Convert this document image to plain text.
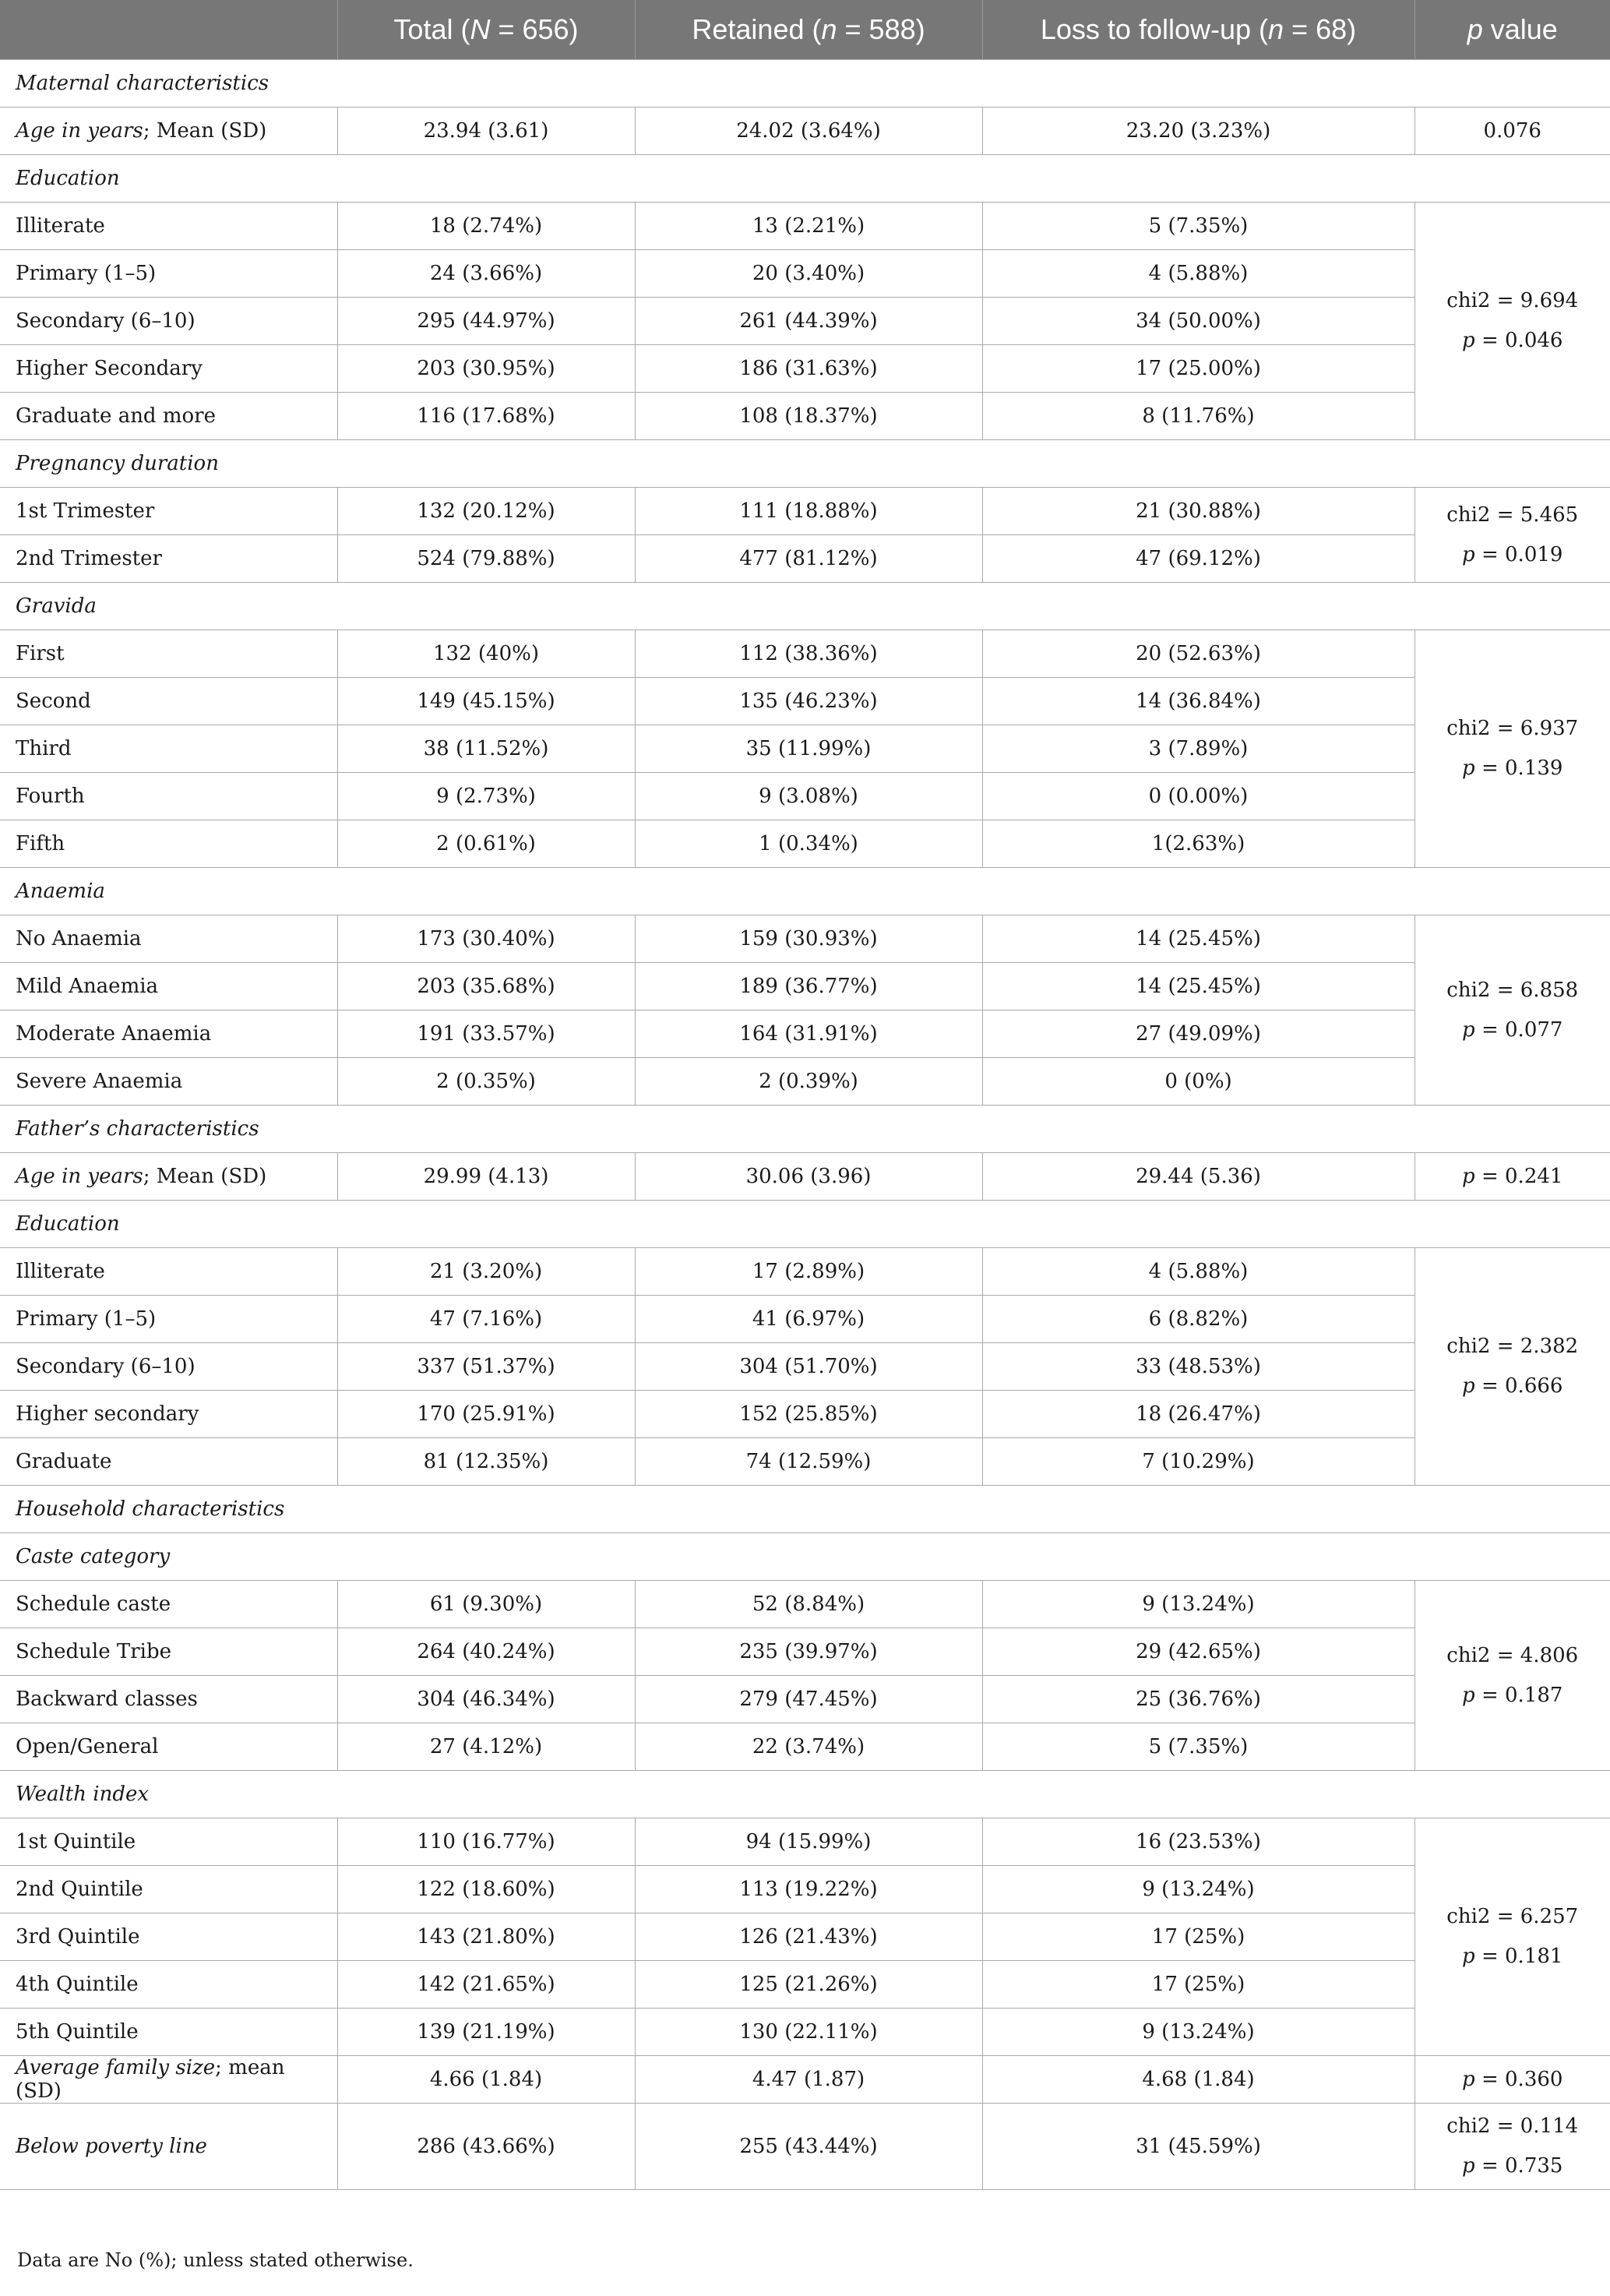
	Total (N = 656)	Retained (n = 588)	Loss to follow-up (n = 68)	p value
Maternal characteristics				
Age in years; Mean (SD)	23.94 (3.61)	24.02 (3.64%)	23.20 (3.23%)	0.076
Education				
Illiterate	18 (2.74%)	13 (2.21%)	5 (7.35%)	chi2 = 9.694
p = 0.046
Primary (1–5)	24 (3.66%)	20 (3.40%)	4 (5.88%)	
Secondary (6–10)	295 (44.97%)	261 (44.39%)	34 (50.00%)	
Higher Secondary	203 (30.95%)	186 (31.63%)	17 (25.00%)	
Graduate and more	116 (17.68%)	108 (18.37%)	8 (11.76%)	
Pregnancy duration				
1st Trimester	132 (20.12%)	111 (18.88%)	21 (30.88%)	chi2 = 5.465
p = 0.019
2nd Trimester	524 (79.88%)	477 (81.12%)	47 (69.12%)	
Gravida				
First	132 (40%)	112 (38.36%)	20 (52.63%)	chi2 = 6.937
p = 0.139
Second	149 (45.15%)	135 (46.23%)	14 (36.84%)	
Third	38 (11.52%)	35 (11.99%)	3 (7.89%)	
Fourth	9 (2.73%)	9 (3.08%)	0 (0.00%)	
Fifth	2 (0.61%)	1 (0.34%)	1(2.63%)	
Anaemia				
No Anaemia	173 (30.40%)	159 (30.93%)	14 (25.45%)	chi2 = 6.858
p = 0.077
Mild Anaemia	203 (35.68%)	189 (36.77%)	14 (25.45%)	
Moderate Anaemia	191 (33.57%)	164 (31.91%)	27 (49.09%)	
Severe Anaemia	2 (0.35%)	2 (0.39%)	0 (0%)	
Father’s characteristics				
Age in years; Mean (SD)	29.99 (4.13)	30.06 (3.96)	29.44 (5.36)	p = 0.241
Education				
Illiterate	21 (3.20%)	17 (2.89%)	4 (5.88%)	chi2 = 2.382
p = 0.666
Primary (1–5)	47 (7.16%)	41 (6.97%)	6 (8.82%)	
Secondary (6–10)	337 (51.37%)	304 (51.70%)	33 (48.53%)	
Higher secondary	170 (25.91%)	152 (25.85%)	18 (26.47%)	
Graduate	81 (12.35%)	74 (12.59%)	7 (10.29%)	
Household characteristics				
Caste category				
Schedule caste	61 (9.30%)	52 (8.84%)	9 (13.24%)	chi2 = 4.806
p = 0.187
Schedule Tribe	264 (40.24%)	235 (39.97%)	29 (42.65%)	
Backward classes	304 (46.34%)	279 (47.45%)	25 (36.76%)	
Open/General	27 (4.12%)	22 (3.74%)	5 (7.35%)	
Wealth index				
1st Quintile	110 (16.77%)	94 (15.99%)	16 (23.53%)	chi2 = 6.257
p = 0.181
2nd Quintile	122 (18.60%)	113 (19.22%)	9 (13.24%)	
3rd Quintile	143 (21.80%)	126 (21.43%)	17 (25%)	
4th Quintile	142 (21.65%)	125 (21.26%)	17 (25%)	
5th Quintile	139 (21.19%)	130 (22.11%)	9 (13.24%)	
Average family size; mean (SD)	4.66 (1.84)	4.47 (1.87)	4.68 (1.84)	p = 0.360
Below poverty line	286 (43.66%)	255 (43.44%)	31 (45.59%)	chi2 = 0.114
p = 0.735
Data are No (%); unless stated otherwise.
